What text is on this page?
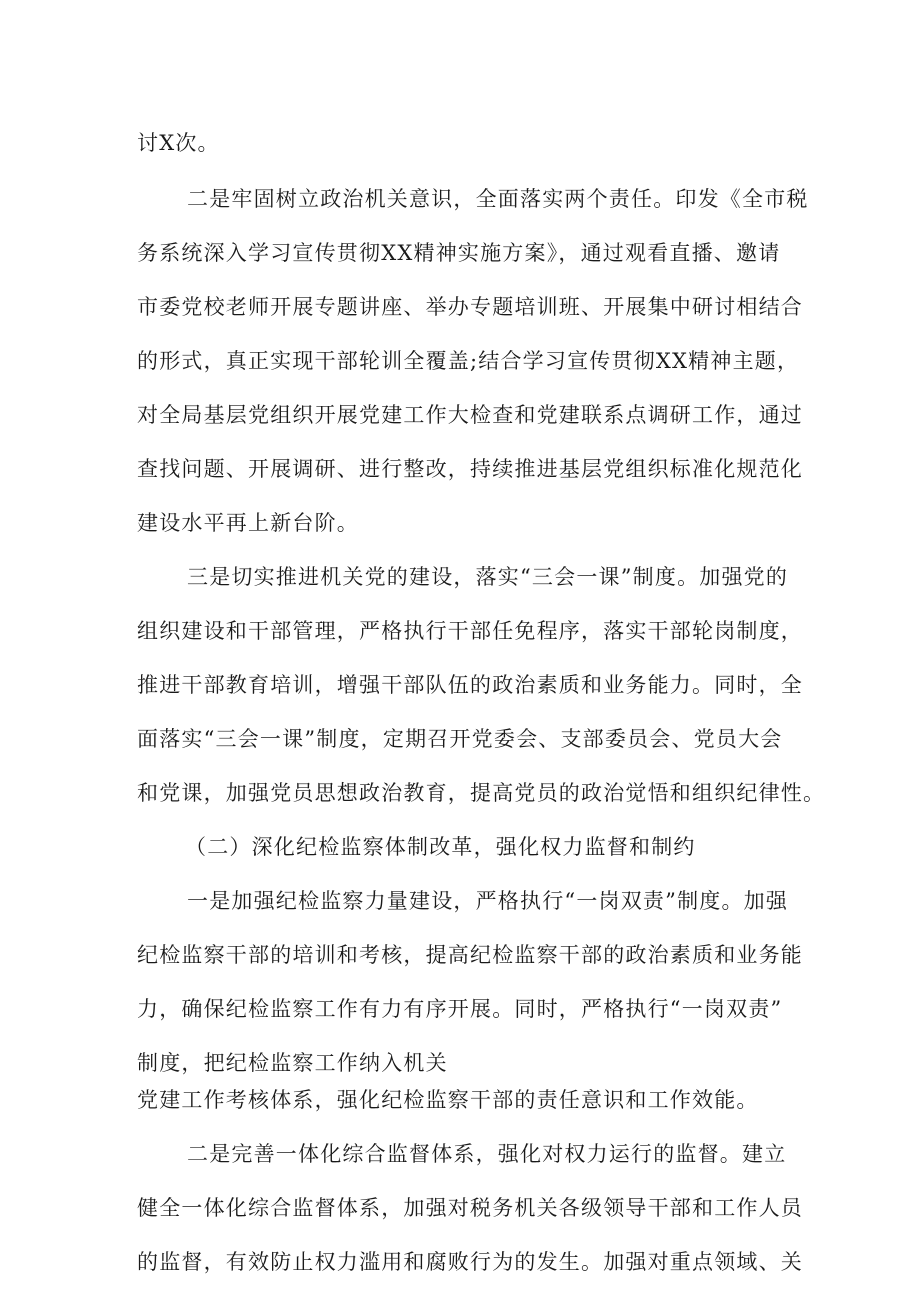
讨X次。
二是牢固树立政治机关意识，全面落实两个责任。印发《全市税
务系统深入学习宣传贯彻XX精神实施方案》，通过观看直播、邀请
市委党校老师开展专题讲座、举办专题培训班、开展集中研讨相结合
的形式，真正实现干部轮训全覆盖;结合学习宣传贯彻XX精神主题，
对全局基层党组织开展党建工作大检查和党建联系点调研工作，通过
查找问题、开展调研、进行整改，持续推进基层党组织标准化规范化
建设水平再上新台阶。
三是切实推进机关党的建设，落实“三会一课”制度。加强党的
组织建设和干部管理，严格执行干部任免程序，落实干部轮岗制度，
推进干部教育培训，增强干部队伍的政治素质和业务能力。同时，全
面落实“三会一课”制度，定期召开党委会、支部委员会、党员大会
和党课，加强党员思想政治教育，提高党员的政治觉悟和组织纪律性。
（二）深化纪检监察体制改革，强化权力监督和制约
一是加强纪检监察力量建设，严格执行“一岗双责”制度。加强
纪检监察干部的培训和考核，提高纪检监察干部的政治素质和业务能
力，确保纪检监察工作有力有序开展。同时，严格执行“一岗双责”
制度，把纪检监察工作纳入机关
党建工作考核体系，强化纪检监察干部的责任意识和工作效能。
二是完善一体化综合监督体系，强化对权力运行的监督。建立
健全一体化综合监督体系，加强对税务机关各级领导干部和工作人员
的监督，有效防止权力滥用和腐败行为的发生。加强对重点领域、关
